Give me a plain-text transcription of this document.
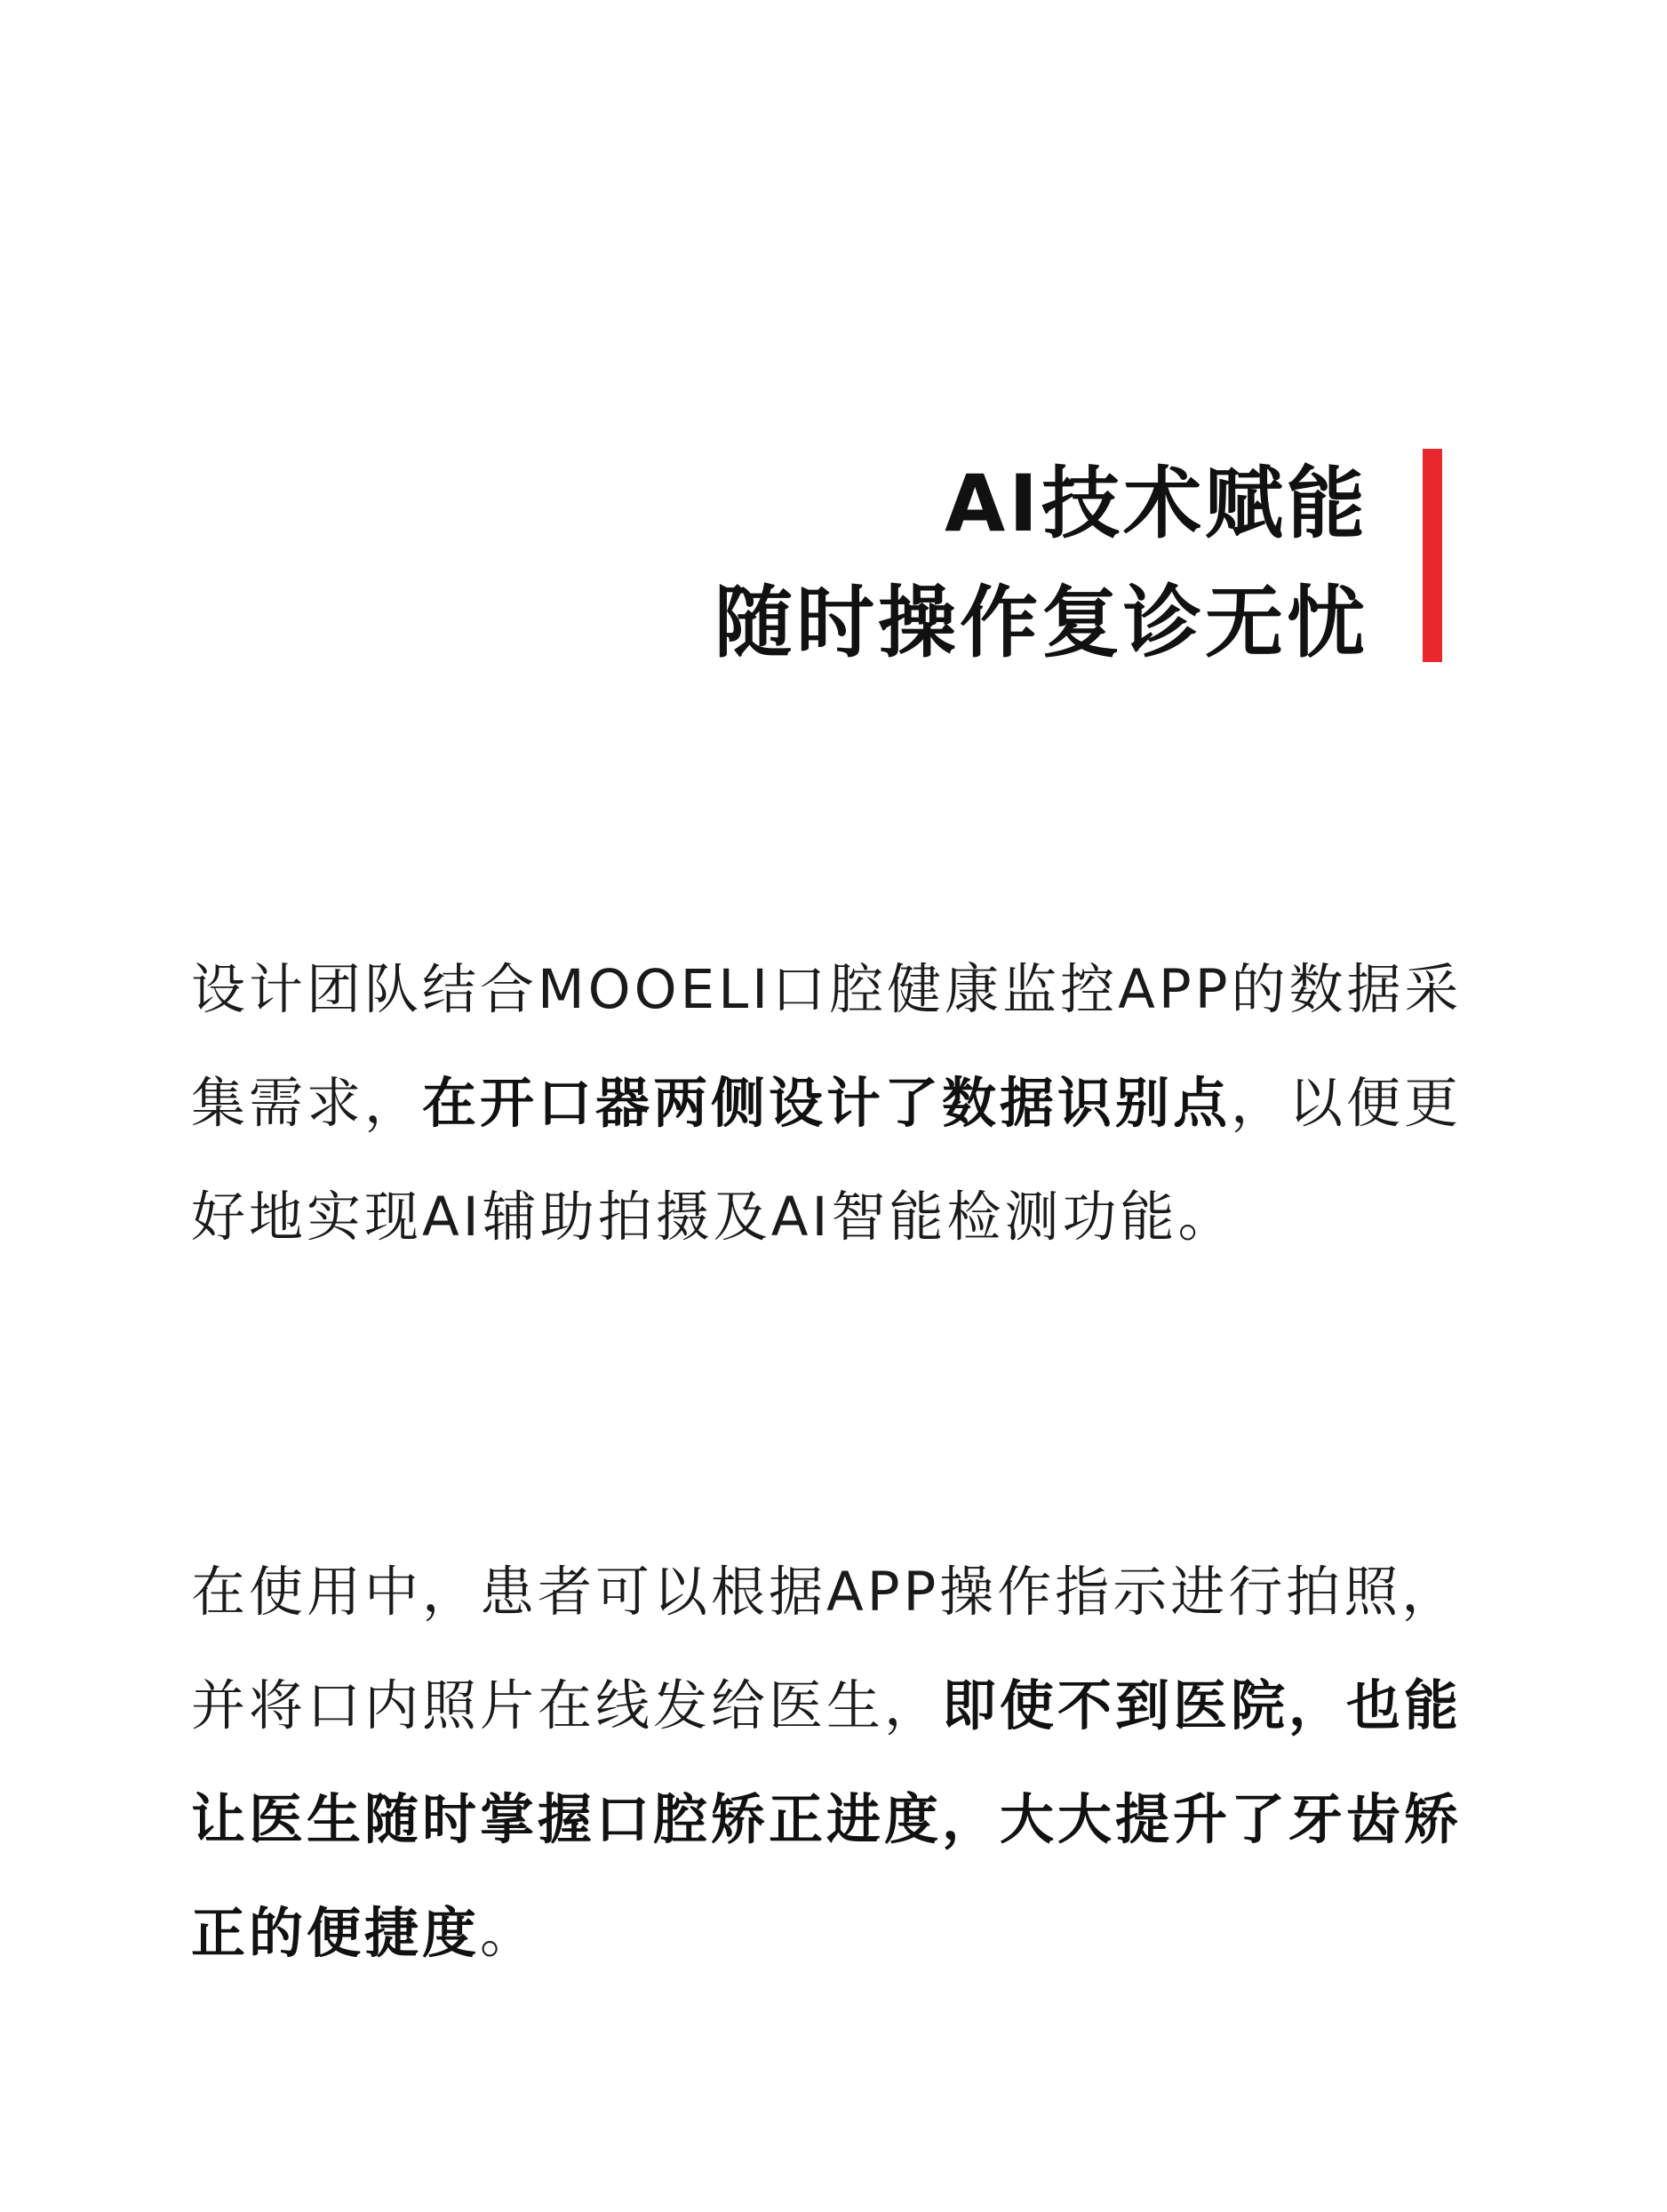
AI技术赋能
随时操作复诊无忧

设计团队结合MOOELI口腔健康监控APP的数据采集需求，在开口器两侧设计了数据识别点，以便更好地实现AI辅助拍摄及AI智能检测功能。

在使用中，患者可以根据APP操作指示进行拍照，并将口内照片在线发给医生，即使不到医院，也能让医生随时掌握口腔矫正进度，大大提升了牙齿矫正的便捷度。
